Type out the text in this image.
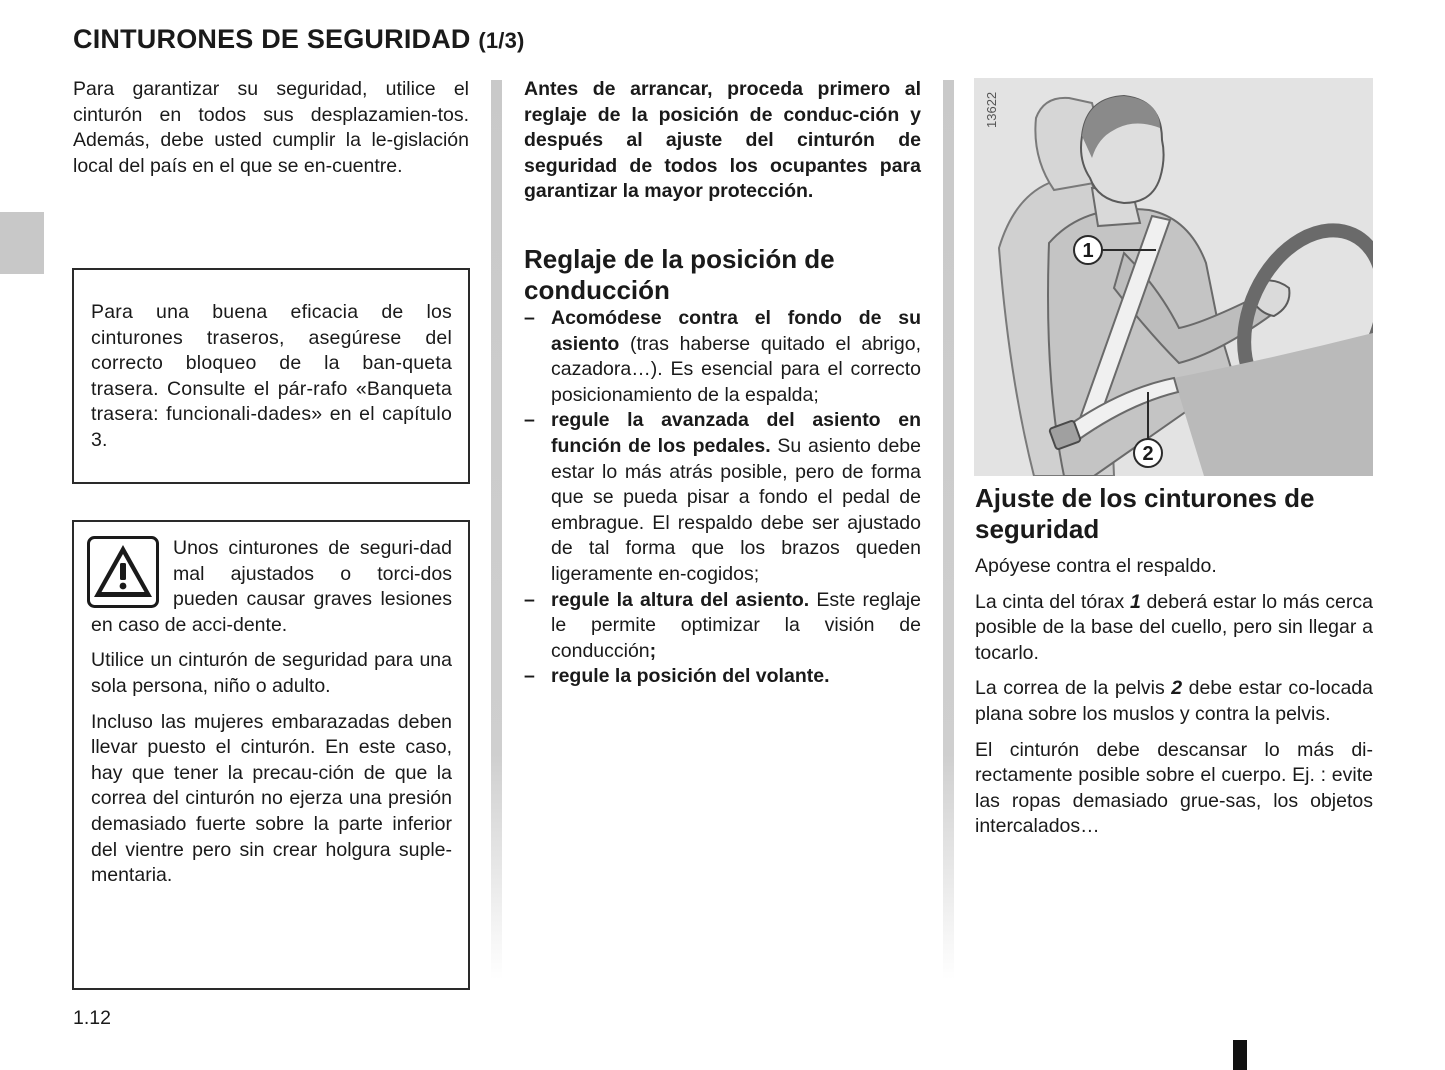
CINTURONES DE SEGURIDAD (1/3)

Para garantizar su seguridad, utilice el cinturón en todos sus desplazamien-tos. Además, debe usted cumplir la le-gislación local del país en el que se en-cuentre.

Para una buena eficacia de los cinturones traseros, asegúrese del correcto bloqueo de la ban-queta trasera. Consulte el pár-rafo «Banqueta trasera: funcionali-dades» en el capítulo 3.

Unos cinturones de seguri-dad mal ajustados o torci-dos pueden causar graves lesiones en caso de acci-dente.

Utilice un cinturón de seguridad para una sola persona, niño o adulto.

Incluso las mujeres embarazadas deben llevar puesto el cinturón. En este caso, hay que tener la precau-ción de que la correa del cinturón no ejerza una presión demasiado fuerte sobre la parte inferior del vientre pero sin crear holgura suple-mentaria.

1.12

Antes de arrancar, proceda primero al reglaje de la posición de conduc-ción y después al ajuste del cinturón de seguridad de todos los ocupantes para garantizar la mayor protección.

Reglaje de la posición de conducción
– Acomódese contra el fondo de su asiento (tras haberse quitado el abrigo, cazadora…). Es esencial para el correcto posicionamiento de la espalda;
– regule la avanzada del asiento en función de los pedales. Su asiento debe estar lo más atrás posible, pero de forma que se pueda pisar a fondo el pedal de embrague. El respaldo debe ser ajustado de tal forma que los brazos queden ligeramente en-cogidos;
– regule la altura del asiento. Este reglaje le permite optimizar la visión de conducción;
– regule la posición del volante.
1
2
13622
Ajuste de los cinturones de seguridad

Apóyese contra el respaldo.

La cinta del tórax 1 deberá estar lo más cerca posible de la base del cuello, pero sin llegar a tocarlo.

La correa de la pelvis 2 debe estar co-locada plana sobre los muslos y contra la pelvis.

El cinturón debe descansar lo más di-rectamente posible sobre el cuerpo. Ej. : evite las ropas demasiado grue-sas, los objetos intercalados…
